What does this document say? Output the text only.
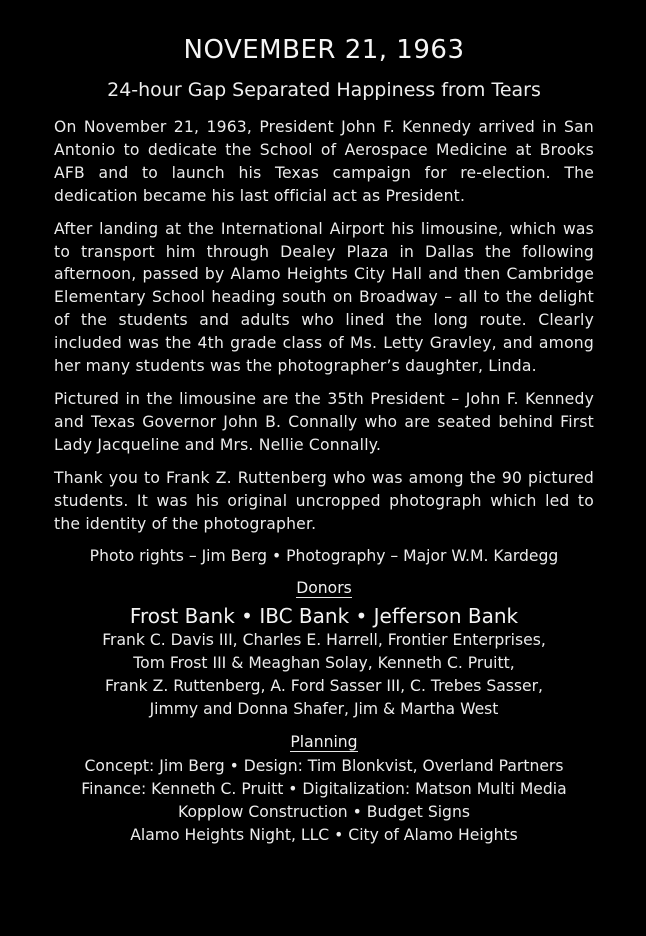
NOVEMBER 21, 1963
24-hour Gap Separated Happiness from Tears

On November 21, 1963, President John F. Kennedy arrived in San Antonio to dedicate the School of Aerospace Medicine at Brooks AFB and to launch his Texas campaign for re-election. The dedication became his last official act as President.

After landing at the International Airport his limousine, which was to transport him through Dealey Plaza in Dallas the following afternoon, passed by Alamo Heights City Hall and then Cambridge Elementary School heading south on Broadway – all to the delight of the students and adults who lined the long route. Clearly included was the 4th grade class of Ms. Letty Gravley, and among her many students was the photographer’s daughter, Linda.

Pictured in the limousine are the 35th President – John F. Kennedy and Texas Governor John B. Connally who are seated behind First Lady Jacqueline and Mrs. Nellie Connally.

Thank you to Frank Z. Ruttenberg who was among the 90 pictured students. It was his original uncropped photograph which led to the identity of the photographer.

Photo rights – Jim Berg • Photography – Major W.M. Kardegg
Donors
Frost Bank • IBC Bank • Jefferson Bank
Frank C. Davis III, Charles E. Harrell, Frontier Enterprises,
Tom Frost III & Meaghan Solay, Kenneth C. Pruitt,
Frank Z. Ruttenberg, A. Ford Sasser III, C. Trebes Sasser,
Jimmy and Donna Shafer, Jim & Martha West
Planning
Concept: Jim Berg • Design: Tim Blonkvist, Overland Partners
Finance: Kenneth C. Pruitt • Digitalization: Matson Multi Media
Kopplow Construction • Budget Signs
Alamo Heights Night, LLC • City of Alamo Heights
